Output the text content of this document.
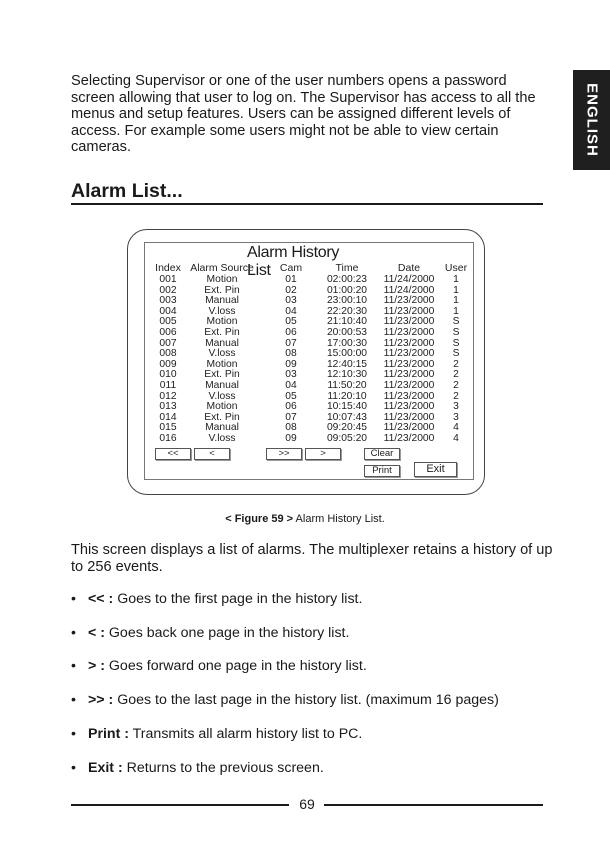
ENGLISH

Selecting Supervisor or one of the user numbers opens a password screen allowing that user to log on. The Supervisor has access to all the menus and setup features. Users can be assigned different levels of access. For example some users might not be able to view certain cameras.

Alarm List...
Alarm History List
Index Alarm Source Cam	Time	Date User
001	Motion	01	02:00:23 11/24/2000 1
002	Ext. Pin	02	01:00:20 11/24/2000 1
003	Manual	03	23:00:10 11/23/2000 1
004	V.loss	04	22:20:30 11/23/2000 1
005	Motion	05	21:10:40 11/23/2000 S
006	Ext. Pin	06	20:00:53 11/23/2000 S
007	Manual	07	17:00:30 11/23/2000 S
008	V.loss	08	15:00:00 11/23/2000 S
009	Motion	09	12:40:15 11/23/2000 2
010	Ext. Pin	03	12:10:30 11/23/2000 2
011	Manual	04	11:50:20 11/23/2000 2
012	V.loss	05	11:20:10 11/23/2000 2
013	Motion	06	10:15:40 11/23/2000 3
014	Ext. Pin	07	10:07:43 11/23/2000 3
015	Manual	08	09:20:45 11/23/2000 4
016	V.loss	09	09:05:20 11/23/2000 4
<<	<	>>	>	Clear
Print	Exit

< Figure 59 > Alarm History List.

This screen displays a list of alarms. The multiplexer retains a history of up to 256 events.

• << : Goes to the first page in the history list.

• < : Goes back one page in the history list.

• > : Goes forward one page in the history list.

• >> : Goes to the last page in the history list. (maximum 16 pages)

• Print : Transmits all alarm history list to PC.

• Exit : Returns to the previous screen.

69
